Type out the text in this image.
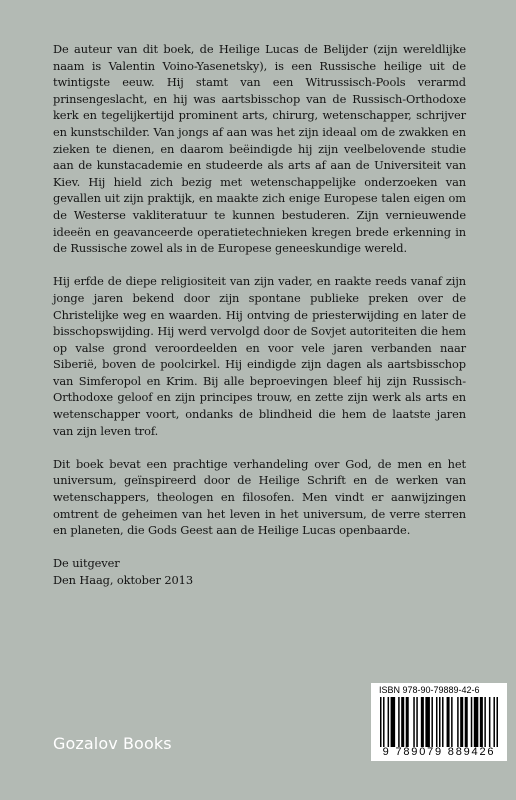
De auteur van dit boek, de Heilige Lucas de Belijder (zijn wereldlijke naam is Valentin Voino-Yasenetsky), is een Russische heilige uit de twintigste eeuw. Hij stamt van een Witrussisch-Pools verarmd prinsengeslacht, en hij was aartsbisschop van de Russisch-Orthodoxe kerk en tegelijkertijd prominent arts, chirurg, wetenschapper, schrijver en kunstschilder. Van jongs af aan was het zijn ideaal om de zwakken en zieken te dienen, en daarom beëindigde hij zijn veelbelovende studie aan de kunstacademie en studeerde als arts af aan de Universiteit van Kiev. Hij hield zich bezig met wetenschappelijke onderzoeken van gevallen uit zijn praktijk, en maakte zich enige Europese talen eigen om de Westerse vakliteratuur te kunnen bestuderen. Zijn vernieuwende ideeën en geavanceerde operatietechnieken kregen brede erkenning in de Russische zowel als in de Europese geneeskundige wereld.

Hij erfde de diepe religiositeit van zijn vader, en raakte reeds vanaf zijn jonge jaren bekend door zijn spontane publieke preken over de Christelijke weg en waarden. Hij ontving de priesterwijding en later de bisschopswijding. Hij werd vervolgd door de Sovjet autoriteiten die hem op valse grond veroordeelden en voor vele jaren verbanden naar Siberië, boven de poolcirkel. Hij eindigde zijn dagen als aartsbisschop van Simferopol en Krim. Bij alle beproevingen bleef hij zijn Russisch-Orthodoxe geloof en zijn principes trouw, en zette zijn werk als arts en wetenschapper voort, ondanks de blindheid die hem de laatste jaren van zijn leven trof.

Dit boek bevat een prachtige verhandeling over God, de men en het universum, geïnspireerd door de Heilige Schrift en de werken van wetenschappers, theologen en filosofen. Men vindt er aanwijzingen omtrent de geheimen van het leven in het universum, de verre sterren en planeten, die Gods Geest aan de Heilige Lucas openbaarde.

De uitgever
Den Haag, oktober 2013

ISBN 978-90-79889-42-6
9 789079 889426
Gozalov Books
